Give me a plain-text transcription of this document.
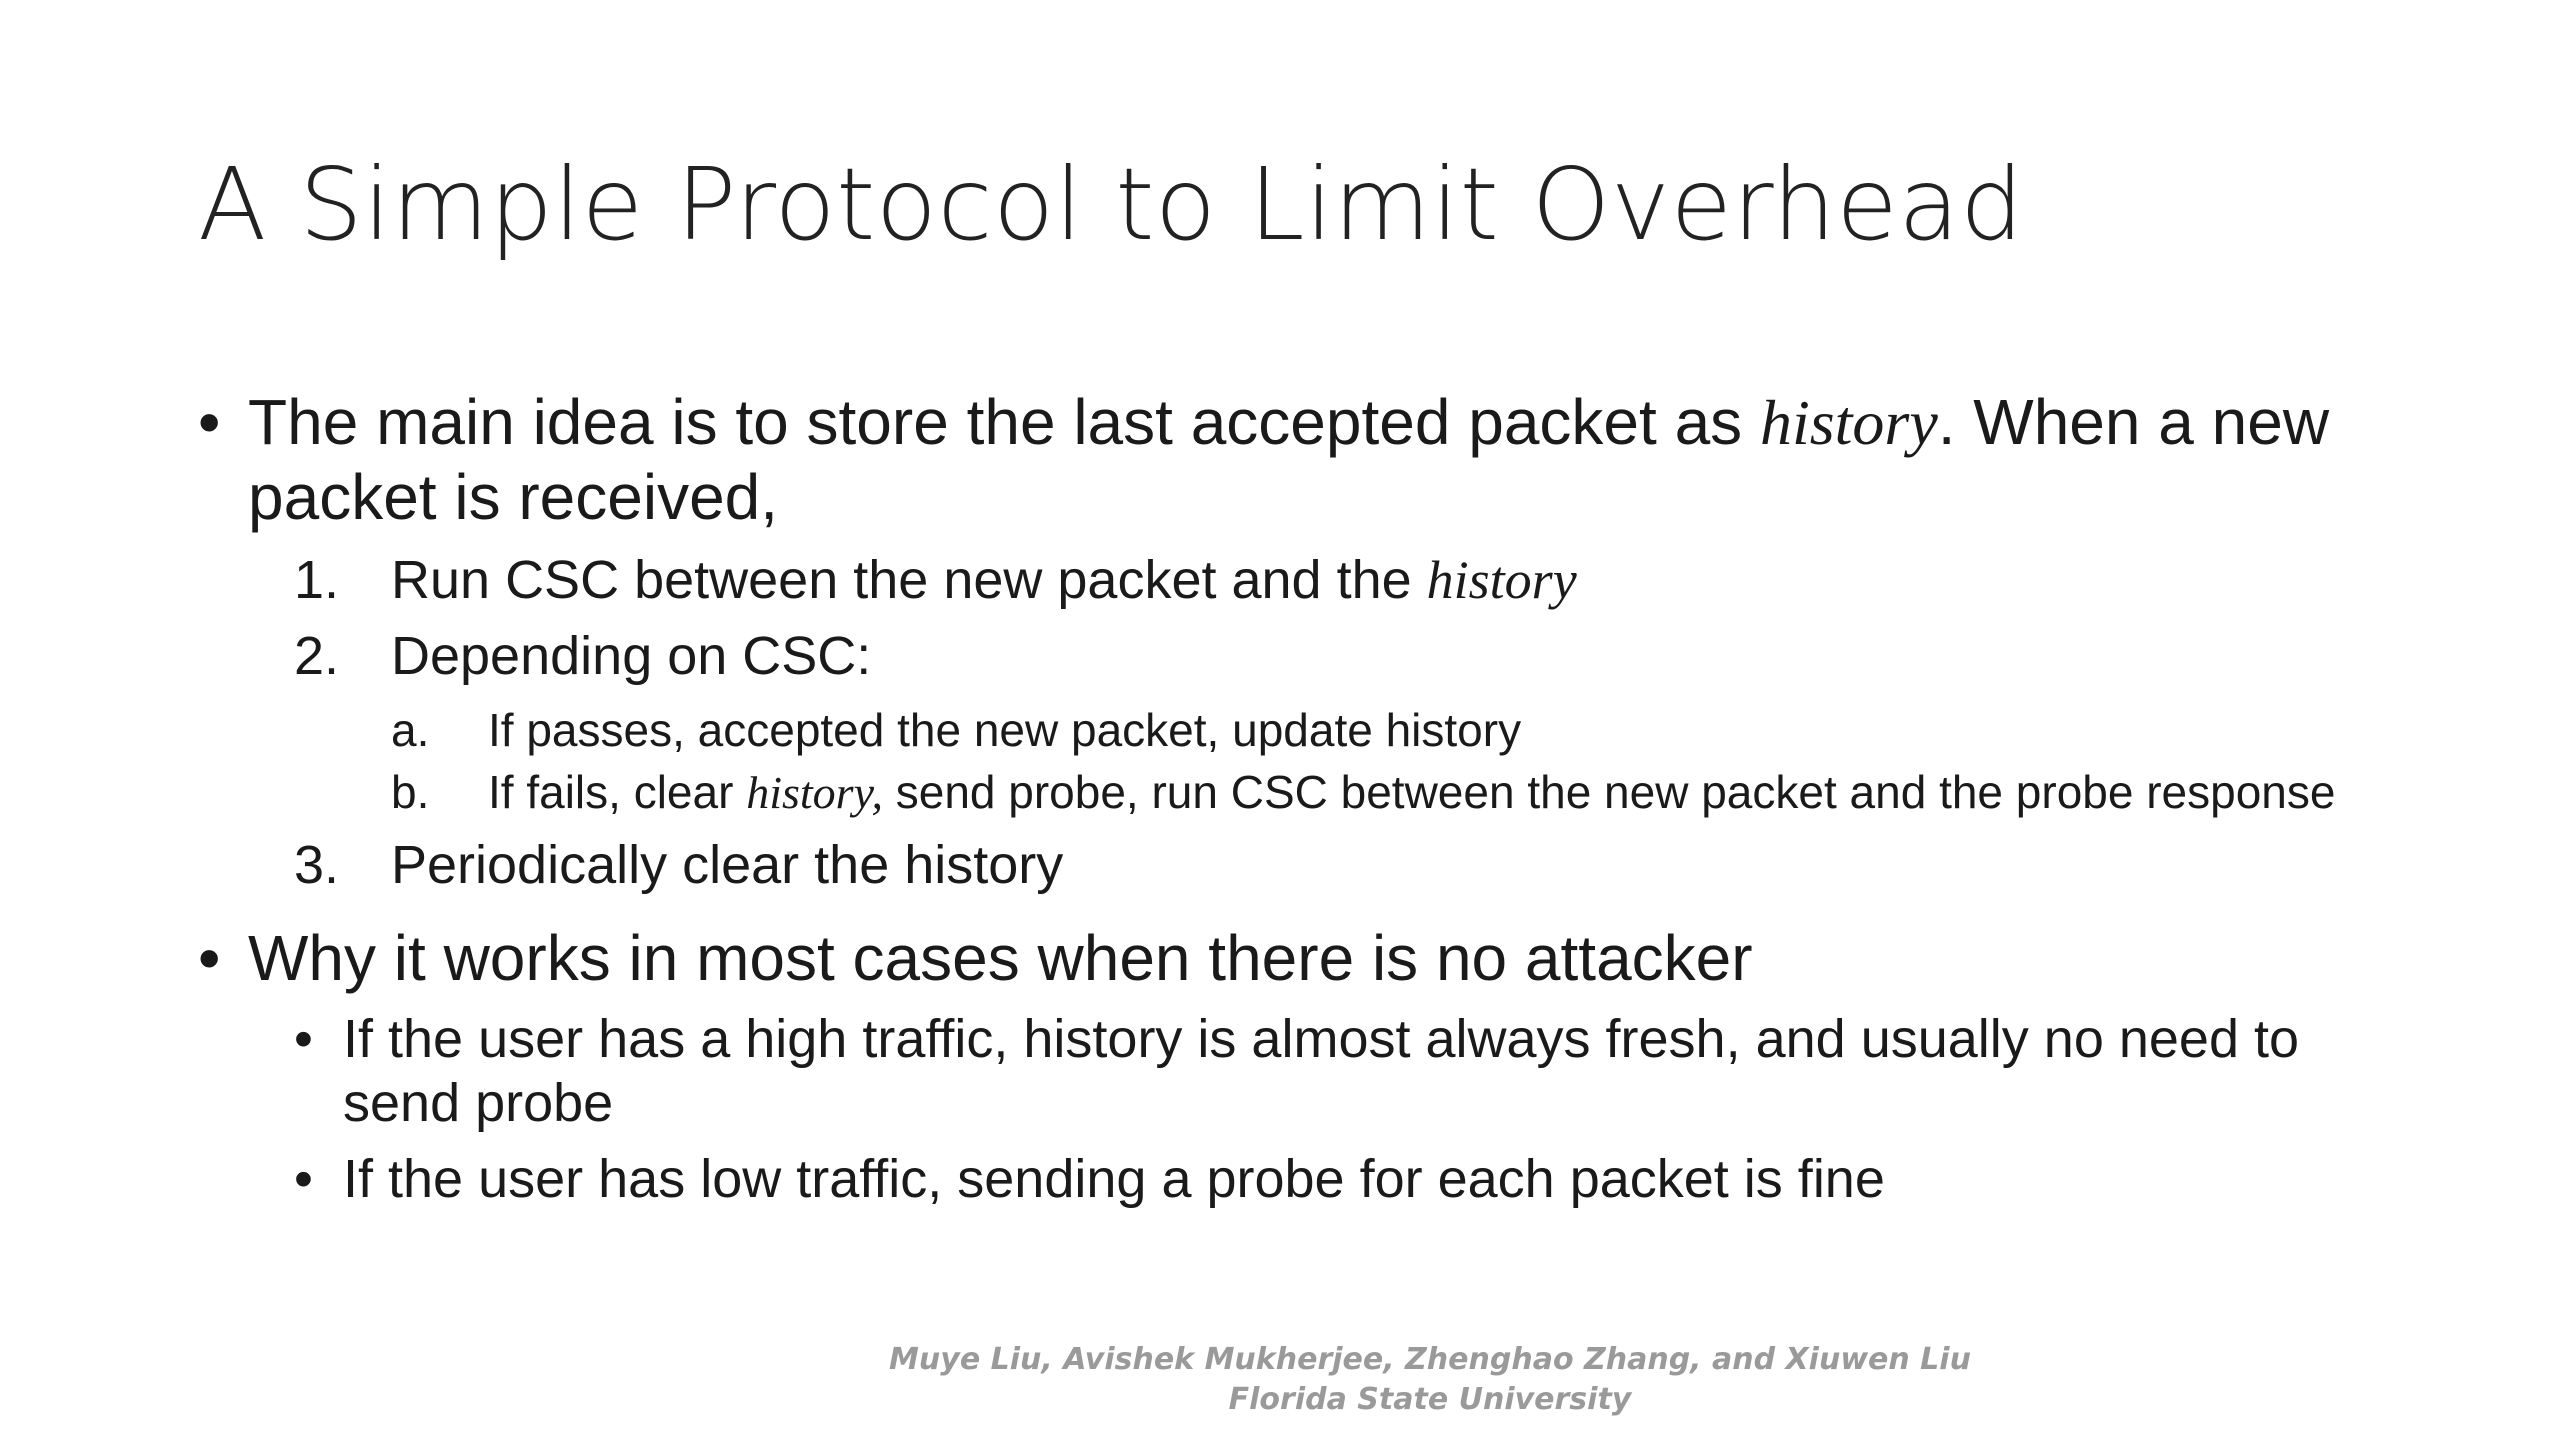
A Simple Protocol to Limit Overhead
• The main idea is to store the last accepted packet as history. When a new packet is received,
1. Run CSC between the new packet and the history
2. Depending on CSC:
a. If passes, accepted the new packet, update history
b. If fails, clear history, send probe, run CSC between the new packet and the probe response
3. Periodically clear the history
• Why it works in most cases when there is no attacker
• If the user has a high traffic, history is almost always fresh, and usually no need to send probe
• If the user has low traffic, sending a probe for each packet is fine
Muye Liu, Avishek Mukherjee, Zhenghao Zhang, and Xiuwen Liu
Florida State University
